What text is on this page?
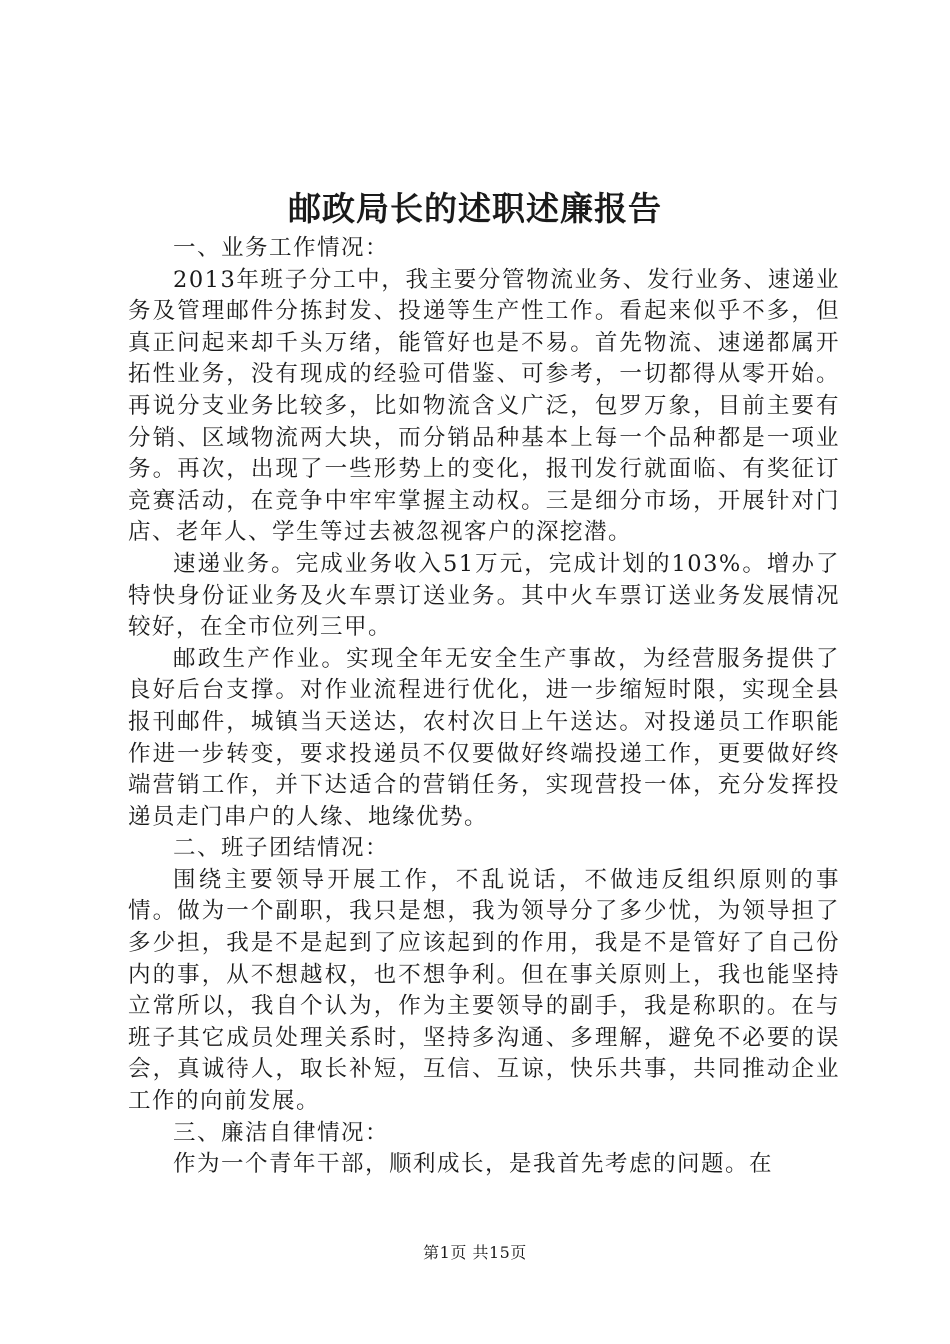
邮政局长的述职述廉报告

一、业务工作情况：

2013年班子分工中，我主要分管物流业务、发行业务、速递业务及管理邮件分拣封发、投递等生产性工作。看起来似乎不多，但真正问起来却千头万绪，能管好也是不易。首先物流、速递都属开拓性业务，没有现成的经验可借鉴、可参考，一切都得从零开始。再说分支业务比较多，比如物流含义广泛，包罗万象，目前主要有分销、区域物流两大块，而分销品种基本上每一个品种都是一项业务。再次，出现了一些形势上的变化，报刊发行就面临、有奖征订竞赛活动，在竞争中牢牢掌握主动权。三是细分市场，开展针对门店、老年人、学生等过去被忽视客户的深挖潜。

速递业务。完成业务收入51万元，完成计划的103%。增办了特快身份证业务及火车票订送业务。其中火车票订送业务发展情况较好，在全市位列三甲。

邮政生产作业。实现全年无安全生产事故，为经营服务提供了良好后台支撑。对作业流程进行优化，进一步缩短时限，实现全县报刊邮件，城镇当天送达，农村次日上午送达。对投递员工作职能作进一步转变，要求投递员不仅要做好终端投递工作，更要做好终端营销工作，并下达适合的营销任务，实现营投一体，充分发挥投递员走门串户的人缘、地缘优势。

二、班子团结情况：

围绕主要领导开展工作，不乱说话，不做违反组织原则的事情。做为一个副职，我只是想，我为领导分了多少忧，为领导担了多少担，我是不是起到了应该起到的作用，我是不是管好了自己份内的事，从不想越权，也不想争利。但在事关原则上，我也能坚持立常所以，我自个认为，作为主要领导的副手，我是称职的。在与班子其它成员处理关系时，坚持多沟通、多理解，避免不必要的误会，真诚待人，取长补短，互信、互谅，快乐共事，共同推动企业工作的向前发展。

三、廉洁自律情况：

作为一个青年干部，顺利成长，是我首先考虑的问题。在

第1页 共15页
